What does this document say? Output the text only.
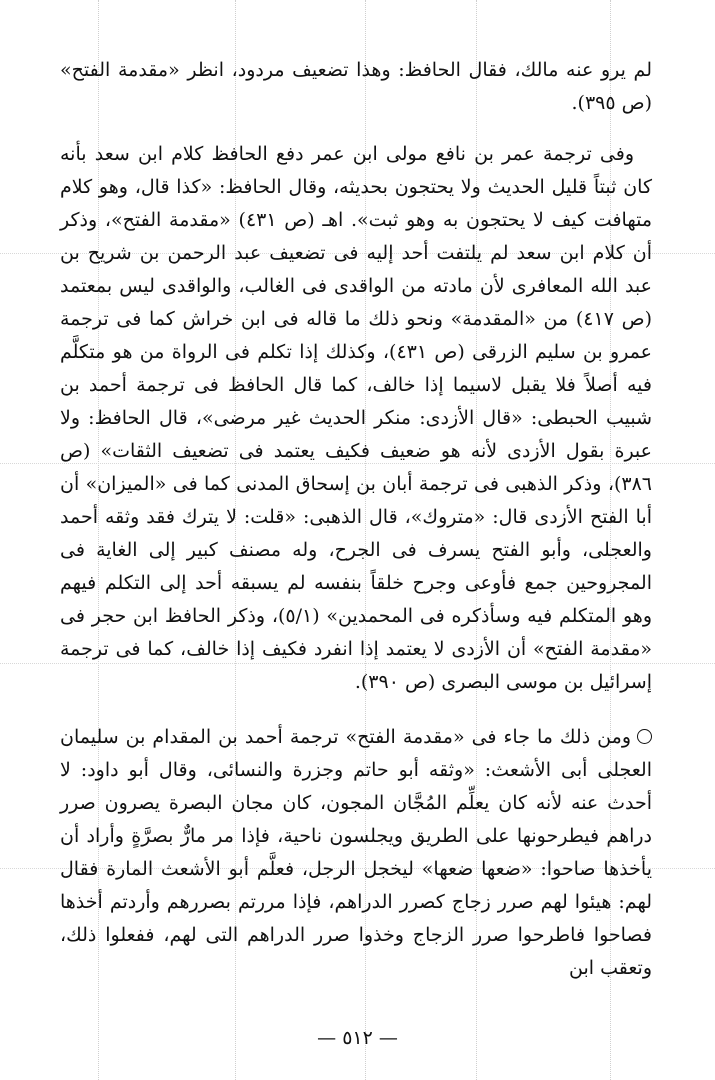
لم يرو عنه مالك، فقال الحافظ: وهذا تضعيف مردود، انظر «مقدمة الفتح» (ص ٣٩٥).

وفى ترجمة عمر بن نافع مولى ابن عمر دفع الحافظ كلام ابن سعد بأنه كان ثبتاً قليل الحديث ولا يحتجون بحديثه، وقال الحافظ: «كذا قال، وهو كلام متهافت كيف لا يحتجون به وهو ثبت». اهـ (ص ٤٣١) «مقدمة الفتح»، وذكر أن كلام ابن سعد لم يلتفت أحد إليه فى تضعيف عبد الرحمن بن شريح بن عبد الله المعافرى لأن مادته من الواقدى فى الغالب، والواقدى ليس بمعتمد (ص ٤١٧) من «المقدمة» ونحو ذلك ما قاله فى ابن خراش كما فى ترجمة عمرو بن سليم الزرقى (ص ٤٣١)، وكذلك إذا تكلم فى الرواة من هو متكلَّم فيه أصلاً فلا يقبل لاسيما إذا خالف، كما قال الحافظ فى ترجمة أحمد بن شبيب الحبطى: «قال الأزدى: منكر الحديث غير مرضى»، قال الحافظ: ولا عبرة بقول الأزدى لأنه هو ضعيف فكيف يعتمد فى تضعيف الثقات» (ص ٣٨٦)، وذكر الذهبى فى ترجمة أبان بن إسحاق المدنى كما فى «الميزان» أن أبا الفتح الأزدى قال: «متروك»، قال الذهبى: «قلت: لا يترك فقد وثقه أحمد والعجلى، وأبو الفتح يسرف فى الجرح، وله مصنف كبير إلى الغاية فى المجروحين جمع فأوعى وجرح خلقاً بنفسه لم يسبقه أحد إلى التكلم فيهم وهو المتكلم فيه وسأذكره فى المحمدين» (٥/١)، وذكر الحافظ ابن حجر فى «مقدمة الفتح» أن الأزدى لا يعتمد إذا انفرد فكيف إذا خالف، كما فى ترجمة إسرائيل بن موسى البصرى (ص ٣٩٠).

ومن ذلك ما جاء فى «مقدمة الفتح» ترجمة أحمد بن المقدام بن سليمان العجلى أبى الأشعث: «وثقه أبو حاتم وجزرة والنسائى، وقال أبو داود: لا أحدث عنه لأنه كان يعلِّم المُجَّان المجون، كان مجان البصرة يصرون صرر دراهم فيطرحونها على الطريق ويجلسون ناحية، فإذا مر مارٌّ بصرَّةٍ وأراد أن يأخذها صاحوا: «ضعها ضعها» ليخجل الرجل، فعلَّم أبو الأشعث المارة فقال لهم: هيئوا لهم صرر زجاج كصرر الدراهم، فإذا مررتم بصررهم وأردتم أخذها فصاحوا فاطرحوا صرر الزجاج وخذوا صرر الدراهم التى لهم، ففعلوا ذلك، وتعقب ابن

— ٥١٢ —
